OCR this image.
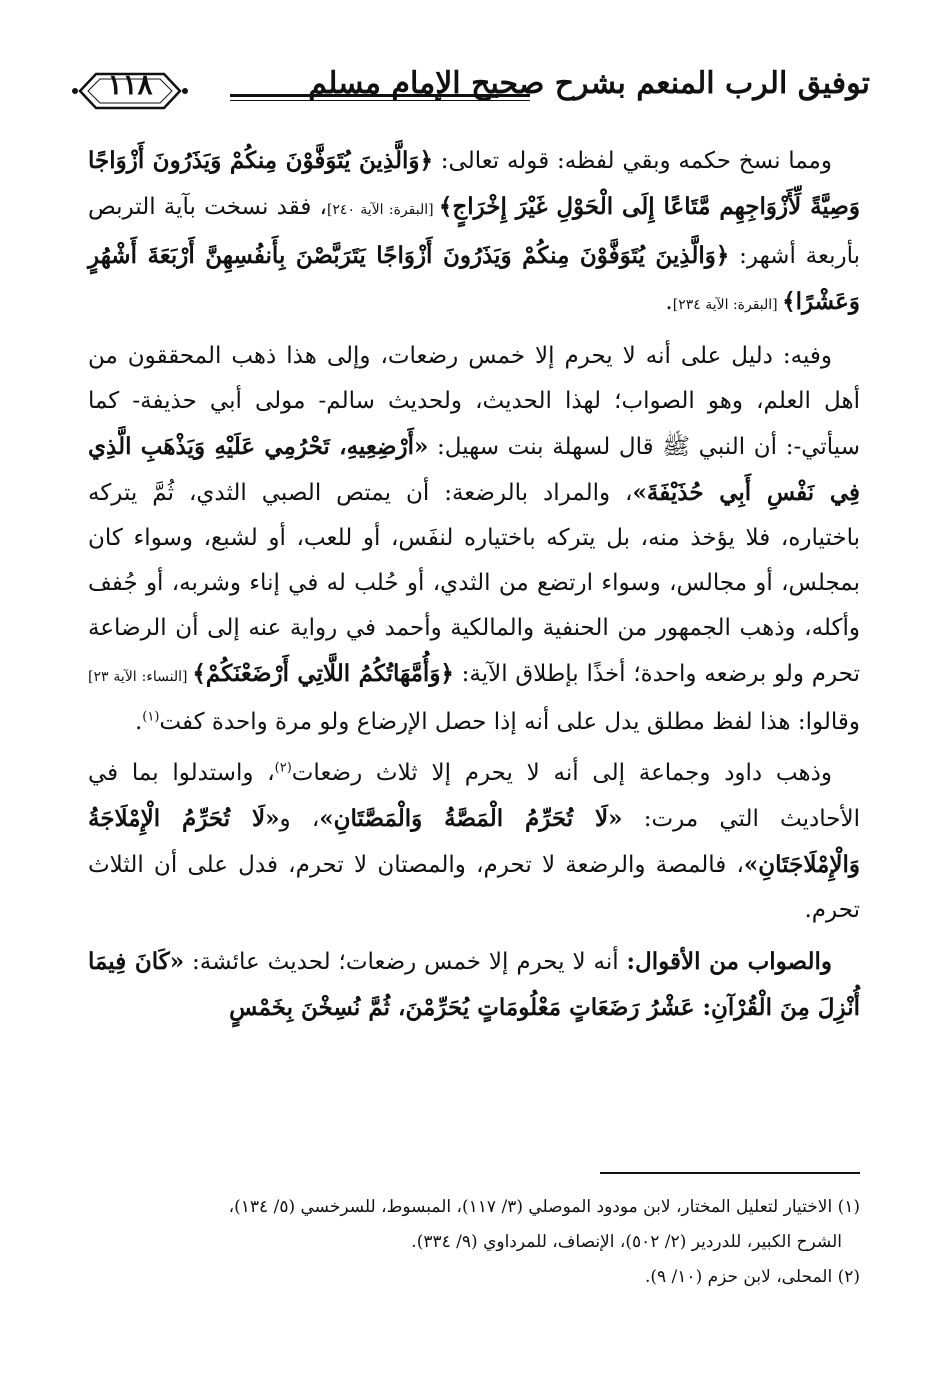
توفيق الرب المنعم بشرح صحيح الإمام مسلم
١١٨

ومما نسخ حكمه وبقي لفظه: قوله تعالى: ﴿وَالَّذِينَ يُتَوَفَّوْنَ مِنكُمْ وَيَذَرُونَ أَزْوَاجًا وَصِيَّةً لِّأَزْوَاجِهِم مَّتَاعًا إِلَى الْحَوْلِ غَيْرَ إِخْرَاجٍ﴾ [البقرة: الآية ٢٤٠]، فقد نسخت بآية التربص بأربعة أشهر: ﴿وَالَّذِينَ يُتَوَفَّوْنَ مِنكُمْ وَيَذَرُونَ أَزْوَاجًا يَتَرَبَّصْنَ بِأَنفُسِهِنَّ أَرْبَعَةَ أَشْهُرٍ وَعَشْرًا﴾ [البقرة: الآية ٢٣٤].

وفيه: دليل على أنه لا يحرم إلا خمس رضعات، وإلى هذا ذهب المحققون من أهل العلم، وهو الصواب؛ لهذا الحديث، ولحديث سالم- مولى أبي حذيفة- كما سيأتي-: أن النبي ﷺ قال لسهلة بنت سهيل: «أَرْضِعِيهِ، تَحْرُمِي عَلَيْهِ وَيَذْهَبِ الَّذِي فِي نَفْسِ أَبِي حُذَيْفَةَ»، والمراد بالرضعة: أن يمتص الصبي الثدي، ثُمَّ يتركه باختياره، فلا يؤخذ منه، بل يتركه باختياره لنفَس، أو للعب، أو لشبع، وسواء كان بمجلس، أو مجالس، وسواء ارتضع من الثدي، أو حُلب له في إناء وشربه، أو جُفف وأكله، وذهب الجمهور من الحنفية والمالكية وأحمد في رواية عنه إلى أن الرضاعة تحرم ولو برضعه واحدة؛ أخذًا بإطلاق الآية: ﴿وَأُمَّهَاتُكُمُ اللَّاتِي أَرْضَعْنَكُمْ﴾ [النساء: الآية ٢٣] وقالوا: هذا لفظ مطلق يدل على أنه إذا حصل الإرضاع ولو مرة واحدة كفت$^{(١)}$.

وذهب داود وجماعة إلى أنه لا يحرم إلا ثلاث رضعات$^{(٢)}$، واستدلوا بما في الأحاديث التي مرت: «لَا تُحَرِّمُ الْمَصَّةُ وَالْمَصَّتَانِ»، و«لَا تُحَرِّمُ الْإِمْلَاجَةُ وَالْإِمْلَاجَتَانِ»، فالمصة والرضعة لا تحرم، والمصتان لا تحرم، فدل على أن الثلاث تحرم.

والصواب من الأقوال: أنه لا يحرم إلا خمس رضعات؛ لحديث عائشة: «كَانَ فِيمَا أُنْزِلَ مِنَ الْقُرْآنِ: عَشْرُ رَضَعَاتٍ مَعْلُومَاتٍ يُحَرِّمْنَ، ثُمَّ نُسِخْنَ بِخَمْسٍ

(١) الاختيار لتعليل المختار، لابن مودود الموصلي (٣/ ١١٧)، المبسوط، للسرخسي (٥/ ١٣٤)،
الشرح الكبير، للدردير (٢/ ٥٠٢)، الإنصاف، للمرداوي (٩/ ٣٣٤).
(٢) المحلى، لابن حزم (١٠/ ٩).
